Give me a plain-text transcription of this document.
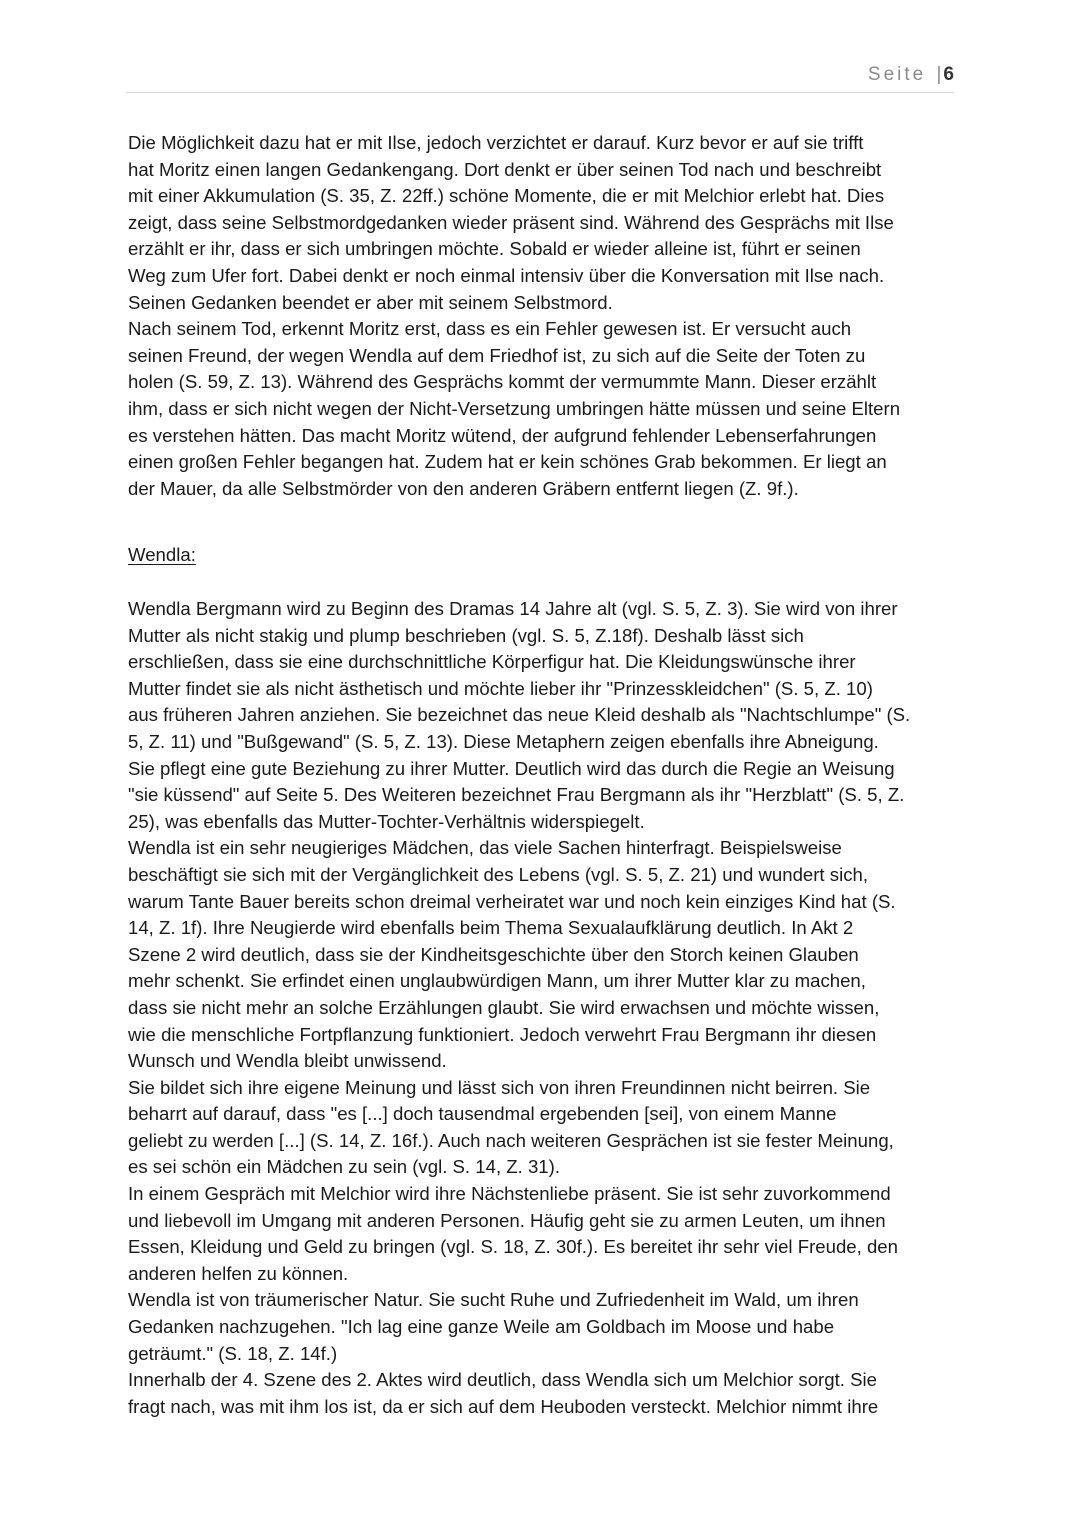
Seite | 6
Die Möglichkeit dazu hat er mit Ilse, jedoch verzichtet er darauf. Kurz bevor er auf sie trifft
hat Moritz einen langen Gedankengang. Dort denkt er über seinen Tod nach und beschreibt
mit einer Akkumulation (S. 35, Z. 22ff.) schöne Momente, die er mit Melchior erlebt hat. Dies
zeigt, dass seine Selbstmordgedanken wieder präsent sind. Während des Gesprächs mit Ilse
erzählt er ihr, dass er sich umbringen möchte. Sobald er wieder alleine ist, führt er seinen
Weg zum Ufer fort. Dabei denkt er noch einmal intensiv über die Konversation mit Ilse nach.
Seinen Gedanken beendet er aber mit seinem Selbstmord.
Nach seinem Tod, erkennt Moritz erst, dass es ein Fehler gewesen ist. Er versucht auch
seinen Freund, der wegen Wendla auf dem Friedhof ist, zu sich auf die Seite der Toten zu
holen (S. 59, Z. 13). Während des Gesprächs kommt der vermummte Mann. Dieser erzählt
ihm, dass er sich nicht wegen der Nicht-Versetzung umbringen hätte müssen und seine Eltern
es verstehen hätten. Das macht Moritz wütend, der aufgrund fehlender Lebenserfahrungen
einen großen Fehler begangen hat. Zudem hat er kein schönes Grab bekommen. Er liegt an
der Mauer, da alle Selbstmörder von den anderen Gräbern entfernt liegen (Z. 9f.).
Wendla:
Wendla Bergmann wird zu Beginn des Dramas 14 Jahre alt (vgl. S. 5, Z. 3). Sie wird von ihrer
Mutter als nicht stakig und plump beschrieben (vgl. S. 5, Z.18f). Deshalb lässt sich
erschließen, dass sie eine durchschnittliche Körperfigur hat. Die Kleidungswünsche ihrer
Mutter findet sie als nicht ästhetisch und möchte lieber ihr "Prinzesskleidchen" (S. 5, Z. 10)
aus früheren Jahren anziehen. Sie bezeichnet das neue Kleid deshalb als "Nachtschlumpe" (S.
5, Z. 11) und "Bußgewand" (S. 5, Z. 13). Diese Metaphern zeigen ebenfalls ihre Abneigung.
Sie pflegt eine gute Beziehung zu ihrer Mutter. Deutlich wird das durch die Regie an Weisung
"sie küssend" auf Seite 5. Des Weiteren bezeichnet Frau Bergmann als ihr "Herzblatt" (S. 5, Z.
25), was ebenfalls das Mutter-Tochter-Verhältnis widerspiegelt.
Wendla ist ein sehr neugieriges Mädchen, das viele Sachen hinterfragt. Beispielsweise
beschäftigt sie sich mit der Vergänglichkeit des Lebens (vgl. S. 5, Z. 21) und wundert sich,
warum Tante Bauer bereits schon dreimal verheiratet war und noch kein einziges Kind hat (S.
14, Z. 1f). Ihre Neugierde wird ebenfalls beim Thema Sexualaufklärung deutlich. In Akt 2
Szene 2 wird deutlich, dass sie der Kindheitsgeschichte über den Storch keinen Glauben
mehr schenkt. Sie erfindet einen unglaubwürdigen Mann, um ihrer Mutter klar zu machen,
dass sie nicht mehr an solche Erzählungen glaubt. Sie wird erwachsen und möchte wissen,
wie die menschliche Fortpflanzung funktioniert. Jedoch verwehrt Frau Bergmann ihr diesen
Wunsch und Wendla bleibt unwissend.
Sie bildet sich ihre eigene Meinung und lässt sich von ihren Freundinnen nicht beirren. Sie
beharrt auf darauf, dass "es [...] doch tausendmal ergebenden [sei], von einem Manne
geliebt zu werden [...] (S. 14, Z. 16f.). Auch nach weiteren Gesprächen ist sie fester Meinung,
es sei schön ein Mädchen zu sein (vgl. S. 14, Z. 31).
In einem Gespräch mit Melchior wird ihre Nächstenliebe präsent. Sie ist sehr zuvorkommend
und liebevoll im Umgang mit anderen Personen. Häufig geht sie zu armen Leuten, um ihnen
Essen, Kleidung und Geld zu bringen (vgl. S. 18, Z. 30f.). Es bereitet ihr sehr viel Freude, den
anderen helfen zu können.
Wendla ist von träumerischer Natur. Sie sucht Ruhe und Zufriedenheit im Wald, um ihren
Gedanken nachzugehen. "Ich lag eine ganze Weile am Goldbach im Moose und habe
geträumt." (S. 18, Z. 14f.)
Innerhalb der 4. Szene des 2. Aktes wird deutlich, dass Wendla sich um Melchior sorgt. Sie
fragt nach, was mit ihm los ist, da er sich auf dem Heuboden versteckt. Melchior nimmt ihre
